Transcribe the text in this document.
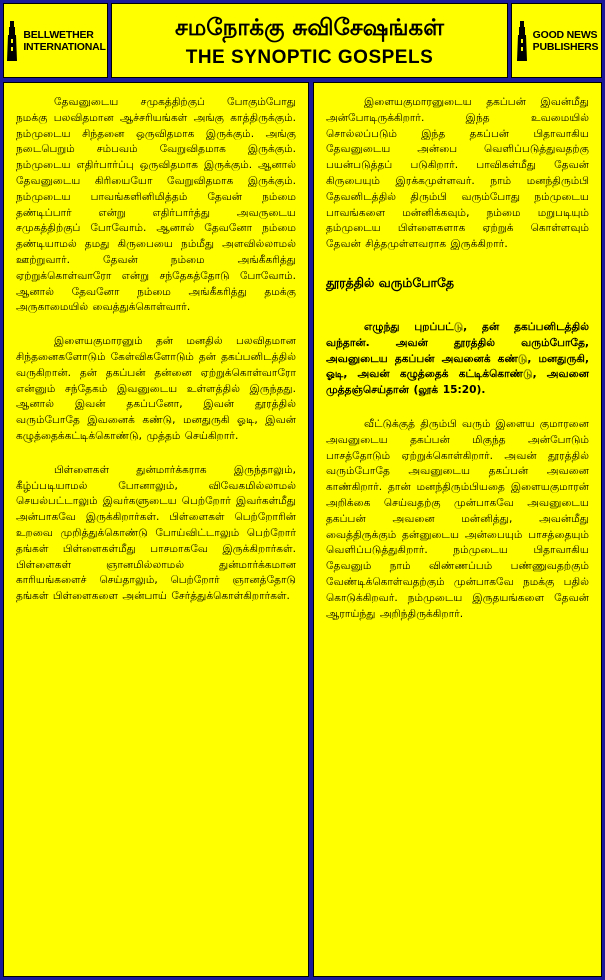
BELLWETHER
INTERNATIONAL
சமநோக்கு சுவிசேஷங்கள்
THE SYNOPTIC GOSPELS
GOOD NEWS
PUBLISHERS

தேவனுடைய சமுகத்திற்குப் போகும்போது நமக்கு பலவிதமான ஆச்சரியங்கள் அங்கு காத்திருக்கும். நம்முடைய சிந்தனை ஒருவிதமாக இருக்கும். அங்கு நடைபெறும் சம்பவம் வேறுவிதமாக இருக்கும். நம்முடைய எதிர்பார்ப்பு ஒருவிதமாக இருக்கும். ஆனால் தேவனுடைய கிரியையோ வேறுவிதமாக இருக்கும். நம்முடைய பாவங்களினிமித்தம் தேவன் நம்மை தண்டிப்பார் என்று எதிர்பார்த்து அவருடைய சமுகத்திற்குப் போவோம். ஆனால் தேவனோ நம்மை தண்டியாமல் தமது கிருபையை நம்மீது அளவில்லாமல் ஊற்றுவார். தேவன் நம்மை அங்கீகரித்து ஏற்றுக்கொள்வாரோ என்று சந்தேகத்தோடு போவோம். ஆனால் தேவனோ நம்மை அங்கீகரித்து தமக்கு அருகாமையில் வைத்துக்கொள்வார்.

இளையகுமாரனும் தன் மனதில் பலவிதமான சிந்தனைகளோடும் கேள்விகளோடும் தன் தகப்பனிடத்தில் வருகிறான். தன் தகப்பன் தன்னை ஏற்றுக்கொள்வாரோ என்னும் சந்தேகம் இவனுடைய உள்ளத்தில் இருந்தது. ஆனால் இவன் தகப்பனோ, இவன் தூரத்தில் வரும்போதே இவனைக் கண்டு, மனதுருகி ஓடி, இவன் கழுத்தைக்கட்டிக்கொண்டு, முத்தம் செய்கிறார்.

பிள்ளைகள் துன்மார்க்கராக இருந்தாலும், கீழ்ப்படியாமல் போனாலும், விவேகமில்லாமல் செயல்பட்டாலும் இவர்களுடைய பெற்றோர் இவர்கள்மீது அன்பாகவே இருக்கிறார்கள். பிள்ளைகள் பெற்றோரின் உறவை முறித்துக்கொண்டு போய்விட்டாலும் பெற்றோர் தங்கள் பிள்ளைகள்மீது பாசமாகவே இருக்கிறார்கள். பிள்ளைகள் ஞானமில்லாமல் துன்மார்க்கமான காரியங்களைச் செய்தாலும், பெற்றோர் ஞானத்தோடு தங்கள் பிள்ளைகளை அன்பாய் சேர்த்துக்கொள்கிறார்கள்.

இளையகுமாரனுடைய தகப்பன் இவன்மீது அன்போடிருக்கிறார். இந்த உவமையில் சொல்லப்படும் இந்த தகப்பன் பிதாவாகிய தேவனுடைய அன்பை வெளிப்படுத்துவதற்கு பயன்படுத்தப் படுகிறார். பாவிகள்மீது தேவன் கிருபையும் இரக்கமுள்ளவர். நாம் மனந்திரும்பி தேவனிடத்தில் திரும்பி வரும்போது நம்முடைய பாவங்களை மன்னிக்கவும், நம்மை மறுபடியும் தம்முடைய பிள்ளைகளாக ஏற்றுக் கொள்ளவும் தேவன் சித்தமுள்ளவராக இருக்கிறார்.

தூரத்தில் வரும்போதே

எழுந்து புறப்பட்டு, தன் தகப்பனிடத்தில் வந்தான். அவன் தூரத்தில் வரும்போதே, அவனுடைய தகப்பன் அவனைக் கண்டு, மனதுருகி, ஓடி, அவன் கழுத்தைக் கட்டிக்கொண்டு, அவனை முத்தஞ்செய்தான் (லூக் 15:20).

வீட்டுக்குத் திரும்பி வரும் இளைய குமாரனை அவனுடைய தகப்பன் மிகுந்த அன்போடும் பாசத்தோடும் ஏற்றுக்கொள்கிறார். அவன் தூரத்தில் வரும்போதே அவனுடைய தகப்பன் அவனை காண்கிறார். தான் மனந்திரும்பியதை இளையகுமாரன் அறிக்கை செய்வதற்கு முன்பாகவே அவனுடைய தகப்பன் அவனை மன்னித்து, அவன்மீது வைத்திருக்கும் தன்னுடைய அன்பையும் பாசத்தையும் வெளிப்படுத்துகிறார். நம்முடைய பிதாவாகிய தேவனும் நாம் விண்ணப்பம் பண்ணுவதற்கும் வேண்டிக்கொள்வதற்கும் முன்பாகவே நமக்கு பதில் கொடுக்கிறவர். நம்முடைய இருதயங்களை தேவன் ஆராய்ந்து அறிந்திருக்கிறார்.
